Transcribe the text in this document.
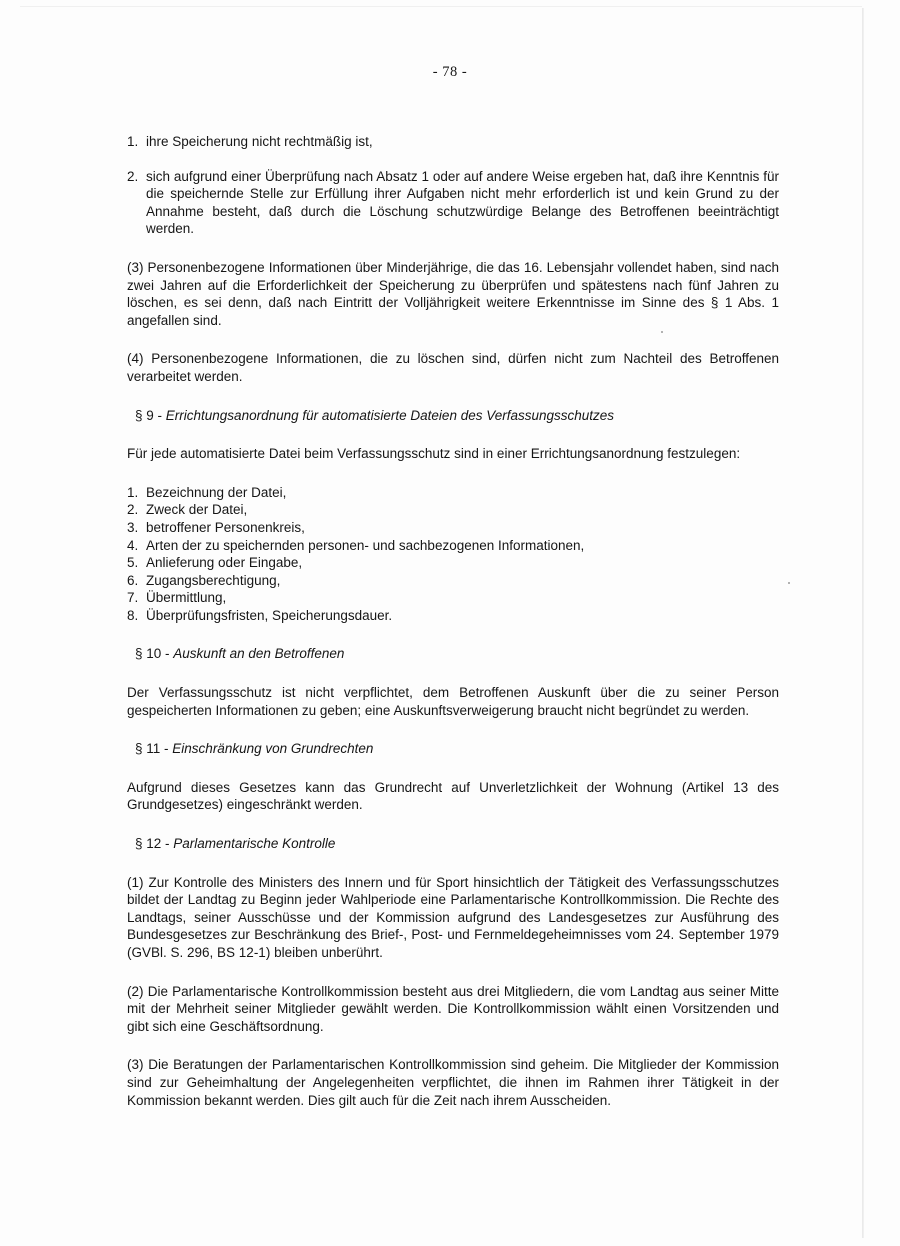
- 78 -
1. ihre Speicherung nicht rechtmäßig ist,
2. sich aufgrund einer Überprüfung nach Absatz 1 oder auf andere Weise ergeben hat, daß ihre Kenntnis für die speichernde Stelle zur Erfüllung ihrer Aufgaben nicht mehr erforderlich ist und kein Grund zu der Annahme besteht, daß durch die Löschung schutzwürdige Belange des Betroffenen beeinträchtigt werden.

(3) Personenbezogene Informationen über Minderjährige, die das 16. Lebensjahr vollendet haben, sind nach zwei Jahren auf die Erforderlichkeit der Speicherung zu überprüfen und spätestens nach fünf Jahren zu löschen, es sei denn, daß nach Eintritt der Volljährigkeit weitere Erkenntnisse im Sinne des § 1 Abs. 1 angefallen sind.

(4) Personenbezogene Informationen, die zu löschen sind, dürfen nicht zum Nachteil des Betroffenen verarbeitet werden.

§ 9 - Errichtungsanordnung für automatisierte Dateien des Verfassungsschutzes

Für jede automatisierte Datei beim Verfassungsschutz sind in einer Errichtungsanordnung festzulegen:

1. Bezeichnung der Datei,
2. Zweck der Datei,
3. betroffener Personenkreis,
4. Arten der zu speichernden personen- und sachbezogenen Informationen,
5. Anlieferung oder Eingabe,
6. Zugangsberechtigung,
7. Übermittlung,
8. Überprüfungsfristen, Speicherungsdauer.

§ 10 - Auskunft an den Betroffenen

Der Verfassungsschutz ist nicht verpflichtet, dem Betroffenen Auskunft über die zu seiner Person gespeicherten Informationen zu geben; eine Auskunftsverweigerung braucht nicht begründet zu werden.

§ 11 - Einschränkung von Grundrechten

Aufgrund dieses Gesetzes kann das Grundrecht auf Unverletzlichkeit der Wohnung (Artikel 13 des Grundgesetzes) eingeschränkt werden.

§ 12 - Parlamentarische Kontrolle

(1) Zur Kontrolle des Ministers des Innern und für Sport hinsichtlich der Tätigkeit des Verfassungsschutzes bildet der Landtag zu Beginn jeder Wahlperiode eine Parlamentarische Kontrollkommission. Die Rechte des Landtags, seiner Ausschüsse und der Kommission aufgrund des Landesgesetzes zur Ausführung des Bundesgesetzes zur Beschränkung des Brief-, Post- und Fernmeldegeheimnisses vom 24. September 1979 (GVBl. S. 296, BS 12-1) bleiben unberührt.

(2) Die Parlamentarische Kontrollkommission besteht aus drei Mitgliedern, die vom Landtag aus seiner Mitte mit der Mehrheit seiner Mitglieder gewählt werden. Die Kontrollkommission wählt einen Vorsitzenden und gibt sich eine Geschäftsordnung.

(3) Die Beratungen der Parlamentarischen Kontrollkommission sind geheim. Die Mitglieder der Kommission sind zur Geheimhaltung der Angelegenheiten verpflichtet, die ihnen im Rahmen ihrer Tätigkeit in der Kommission bekannt werden. Dies gilt auch für die Zeit nach ihrem Ausscheiden.
